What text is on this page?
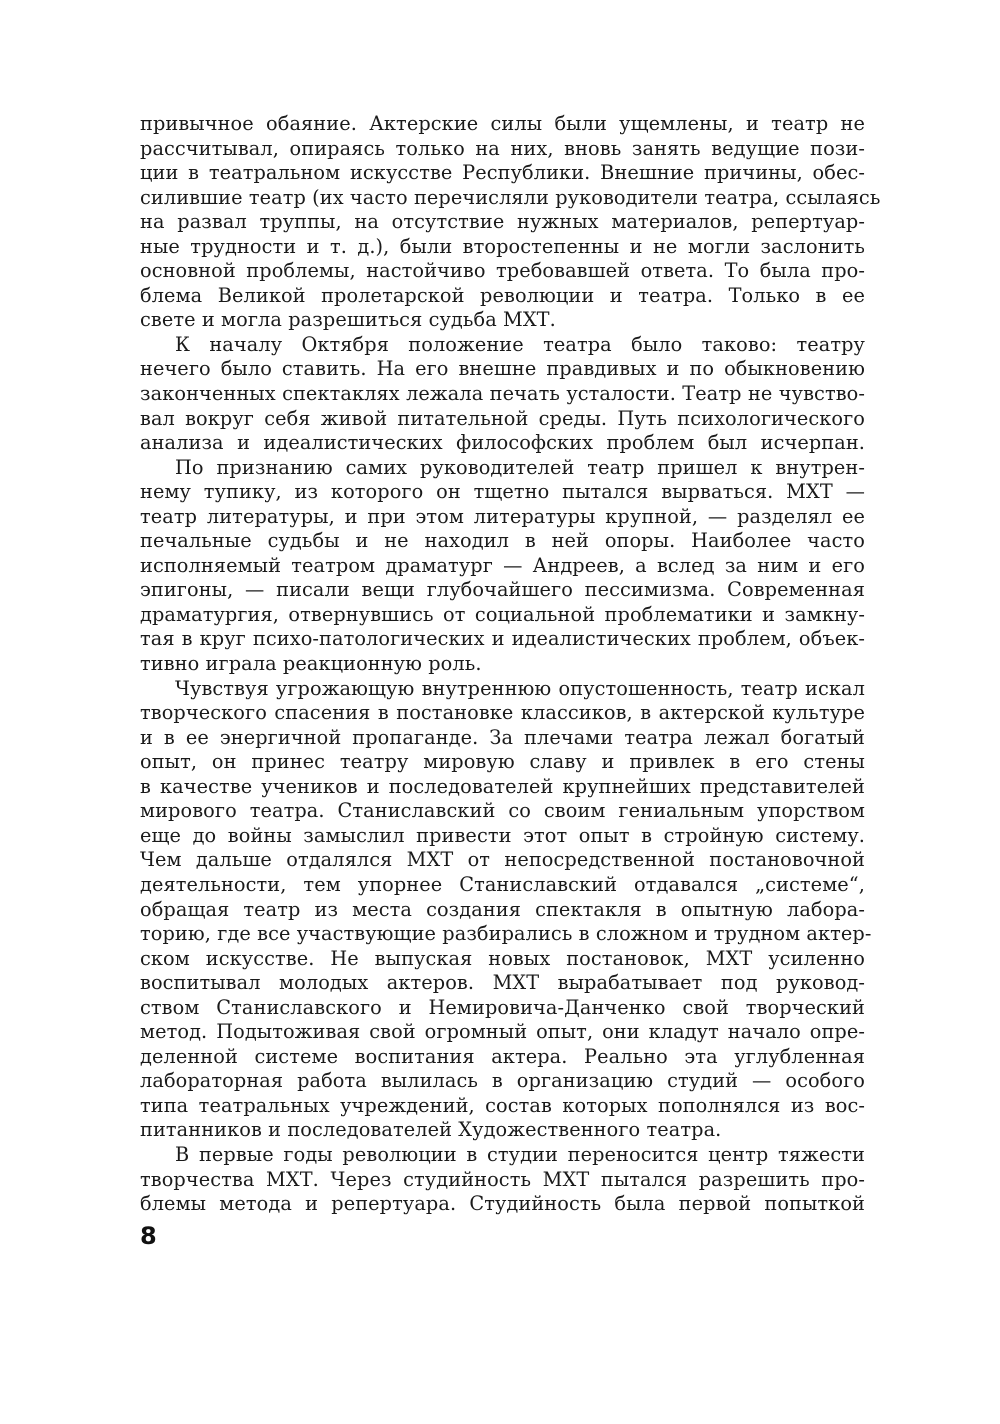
привычное обаяние. Актерские силы были ущемлены, и театр не
рассчитывал, опираясь только на них, вновь занять ведущие пози-
ции в театральном искусстве Республики. Внешние причины, обес-
силившие театр (их часто перечисляли руководители театра, ссылаясь
на развал труппы, на отсутствие нужных материалов, репертуар-
ные трудности и т. д.), были второстепенны и не могли заслонить
основной проблемы, настойчиво требовавшей ответа. То была про-
блема Великой пролетарской революции и театра. Только в ее
свете и могла разрешиться судьба МХТ.
К началу Октября положение театра было таково: театру
нечего было ставить. На его внешне правдивых и по обыкновению
законченных спектаклях лежала печать усталости. Театр не чувство-
вал вокруг себя живой питательной среды. Путь психологического
анализа и идеалистических философских проблем был исчерпан.
По признанию самих руководителей театр пришел к внутрен-
нему тупику, из которого он тщетно пытался вырваться. МХТ —
театр литературы, и при этом литературы крупной, — разделял ее
печальные судьбы и не находил в ней опоры. Наиболее часто
исполняемый театром драматург — Андреев, а вслед за ним и его
эпигоны, — писали вещи глубочайшего пессимизма. Современная
драматургия, отвернувшись от социальной проблематики и замкну-
тая в круг психо-патологических и идеалистических проблем, объек-
тивно играла реакционную роль.
Чувствуя угрожающую внутреннюю опустошенность, театр искал
творческого спасения в постановке классиков, в актерской культуре
и в ее энергичной пропаганде. За плечами театра лежал богатый
опыт, он принес театру мировую славу и привлек в его стены
в качестве учеников и последователей крупнейших представителей
мирового театра. Станиславский со своим гениальным упорством
еще до войны замыслил привести этот опыт в стройную систему.
Чем дальше отдалялся МХТ от непосредственной постановочной
деятельности, тем упорнее Станиславский отдавался „системе“,
обращая театр из места создания спектакля в опытную лабора-
торию, где все участвующие разбирались в сложном и трудном актер-
ском искусстве. Не выпуская новых постановок, МХТ усиленно
воспитывал молодых актеров. МХТ вырабатывает под руковод-
ством Станиславского и Немировича-Данченко свой творческий
метод. Подытоживая свой огромный опыт, они кладут начало опре-
деленной системе воспитания актера. Реально эта углубленная
лабораторная работа вылилась в организацию студий — особого
типа театральных учреждений, состав которых пополнялся из вос-
питанников и последователей Художественного театра.
В первые годы революции в студии переносится центр тяжести
творчества МХТ. Через студийность МХТ пытался разрешить про-
блемы метода и репертуара. Студийность была первой попыткой
8
